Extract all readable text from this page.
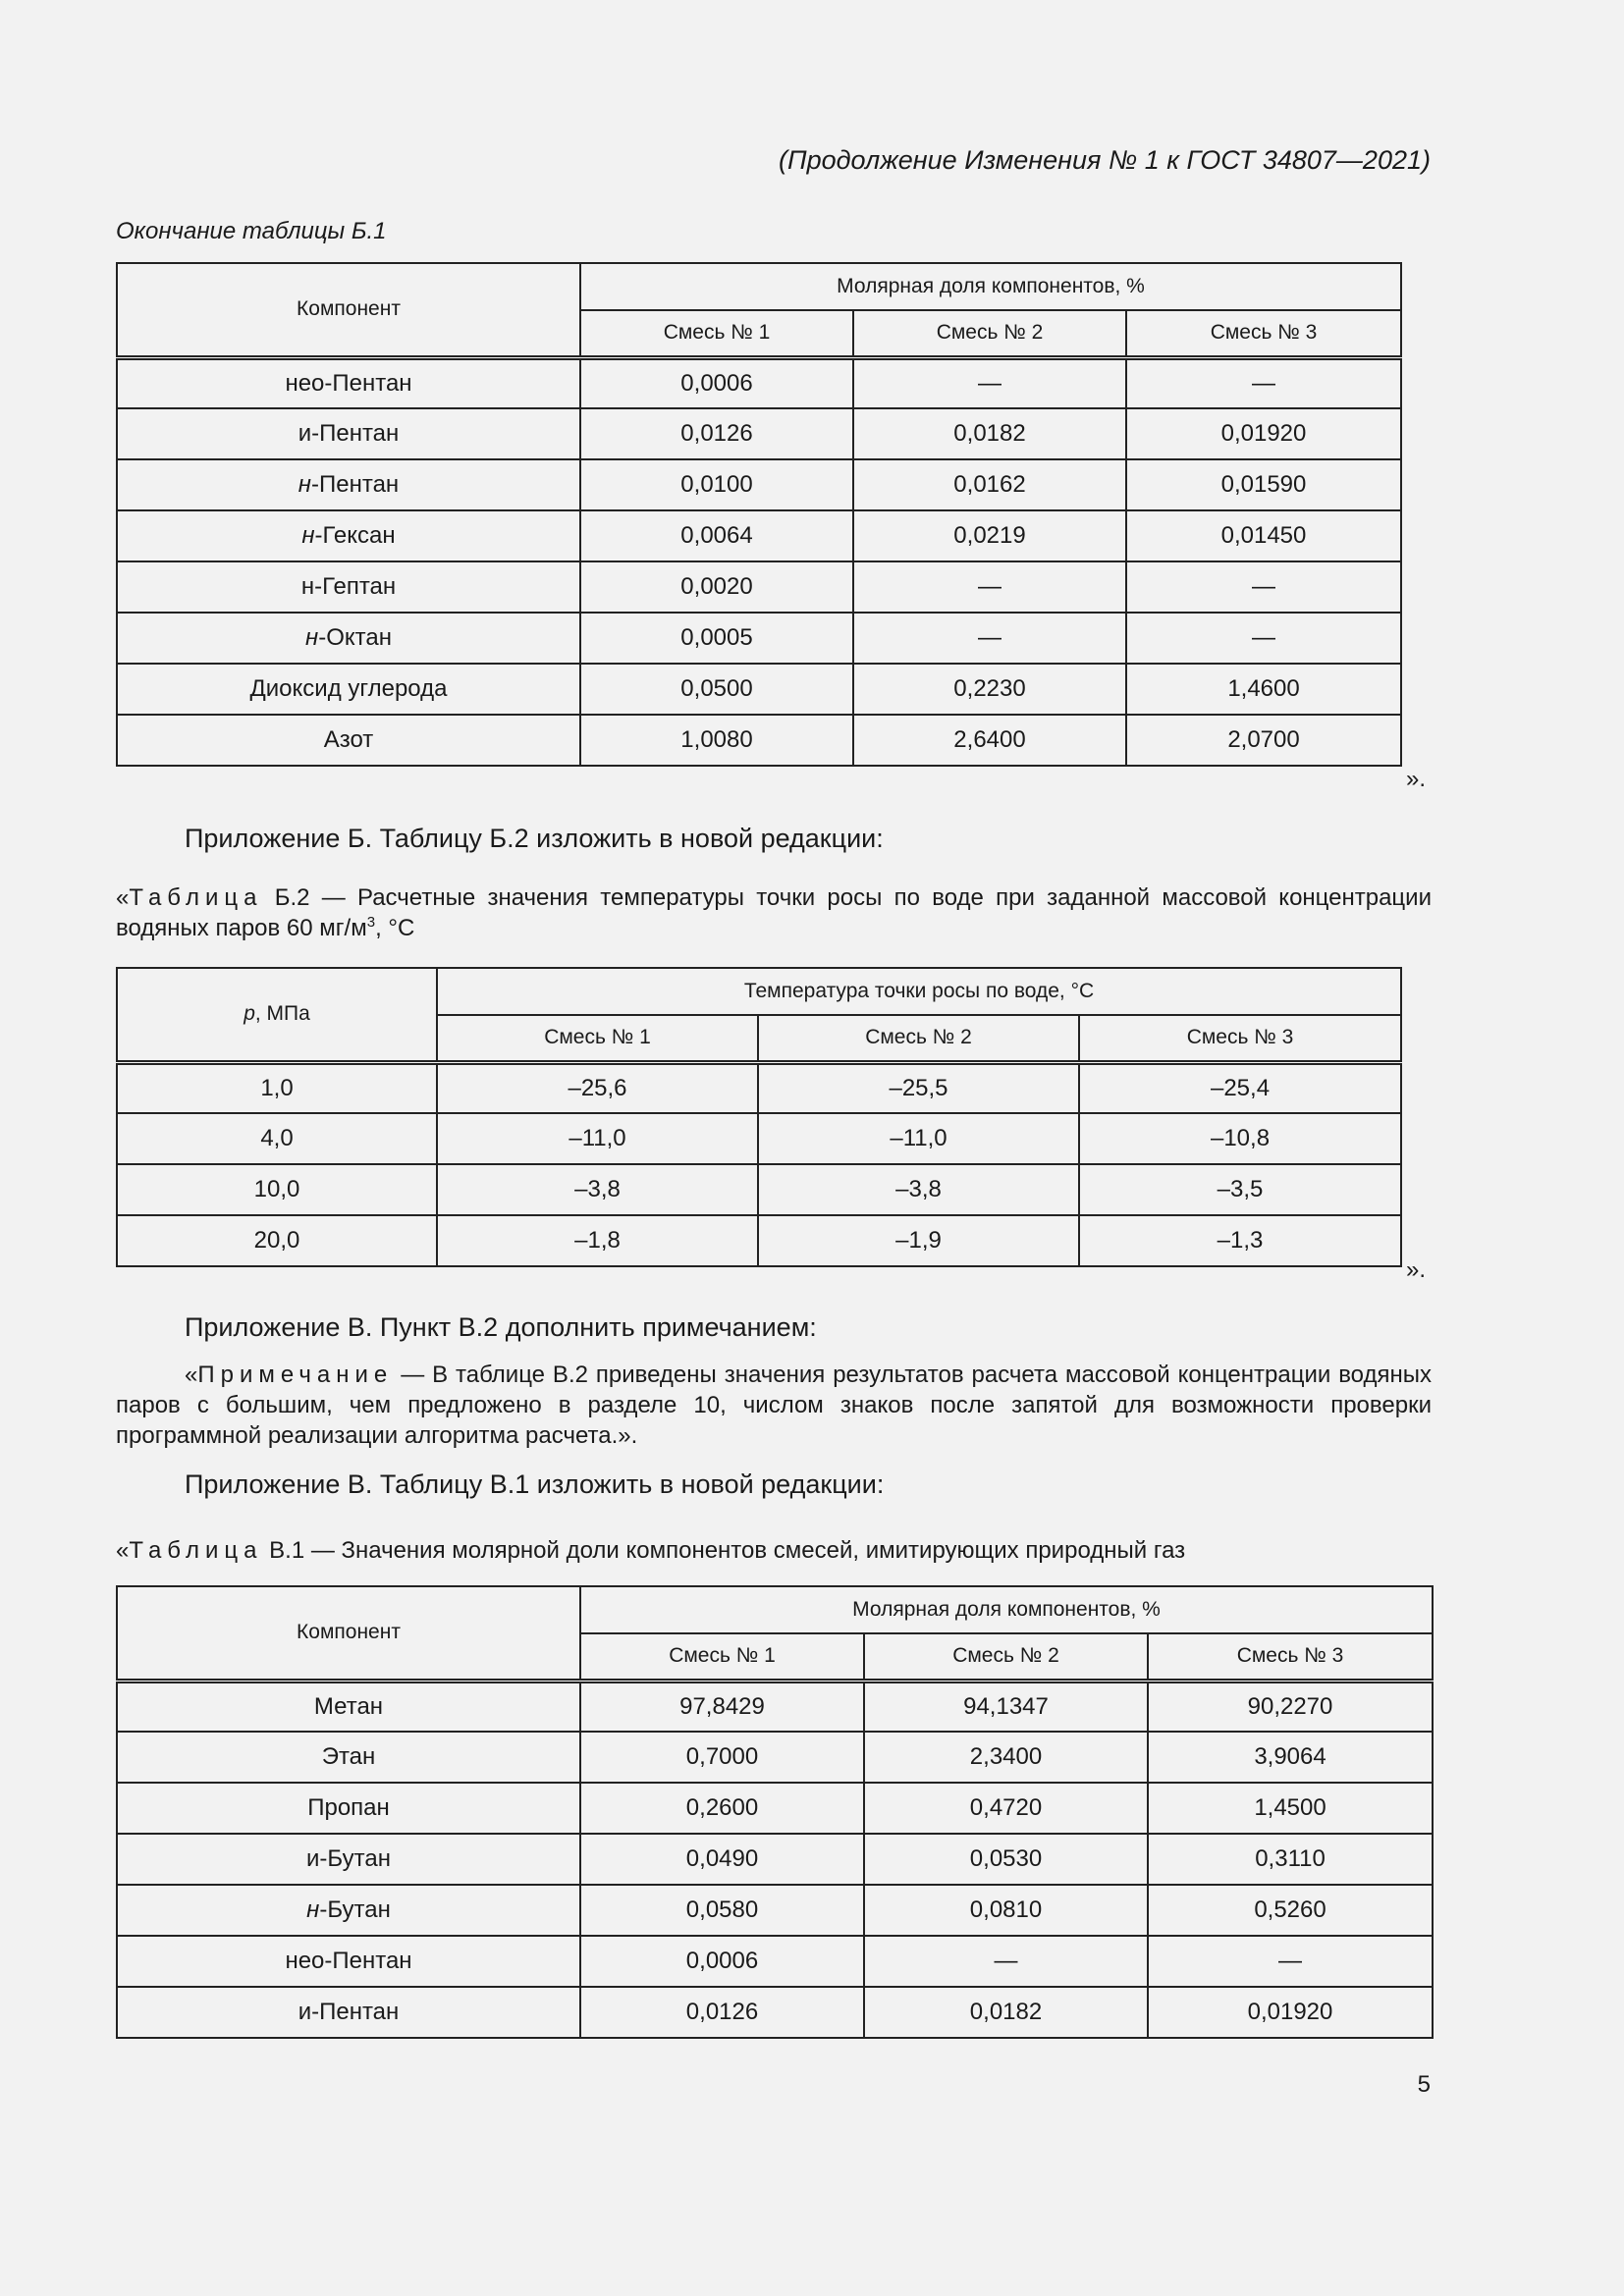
(Продолжение Изменения № 1 к ГОСТ 34807—2021)
Окончание таблицы Б.1
Компонент	Молярная доля компонентов, %		
	Смесь № 1	Смесь № 2	Смесь № 3
нео-Пентан	0,0006	—	—
и-Пентан	0,0126	0,0182	0,01920
н-Пентан	0,0100	0,0162	0,01590
н-Гексан	0,0064	0,0219	0,01450
н-Гептан	0,0020	—	—
н-Октан	0,0005	—	—
Диоксид углерода	0,0500	0,2230	1,4600
Азот	1,0080	2,6400	2,0700
».
Приложение Б. Таблицу Б.2 изложить в новой редакции:
«Таблица Б.2 — Расчетные значения температуры точки росы по воде при заданной массовой концентрации водяных паров 60 $мг/м^3$, °С
p, МПа	Температура точки росы по воде, °С		
	Смесь № 1	Смесь № 2	Смесь № 3
1,0	–25,6	–25,5	–25,4
4,0	–11,0	–11,0	–10,8
10,0	–3,8	–3,8	–3,5
20,0	–1,8	–1,9	–1,3
».
Приложение В. Пункт В.2 дополнить примечанием:
«Примечание — В таблице В.2 приведены значения результатов расчета массовой концентрации водяных паров с большим, чем предложено в разделе 10, числом знаков после запятой для возможности проверки программной реализации алгоритма расчета.».
Приложение В. Таблицу В.1 изложить в новой редакции:
«Таблица В.1 — Значения молярной доли компонентов смесей, имитирующих природный газ
Компонент	Молярная доля компонентов, %		
	Смесь № 1	Смесь № 2	Смесь № 3
Метан	97,8429	94,1347	90,2270
Этан	0,7000	2,3400	3,9064
Пропан	0,2600	0,4720	1,4500
и-Бутан	0,0490	0,0530	0,3110
н-Бутан	0,0580	0,0810	0,5260
нео-Пентан	0,0006	—	—
и-Пентан	0,0126	0,0182	0,01920
5
